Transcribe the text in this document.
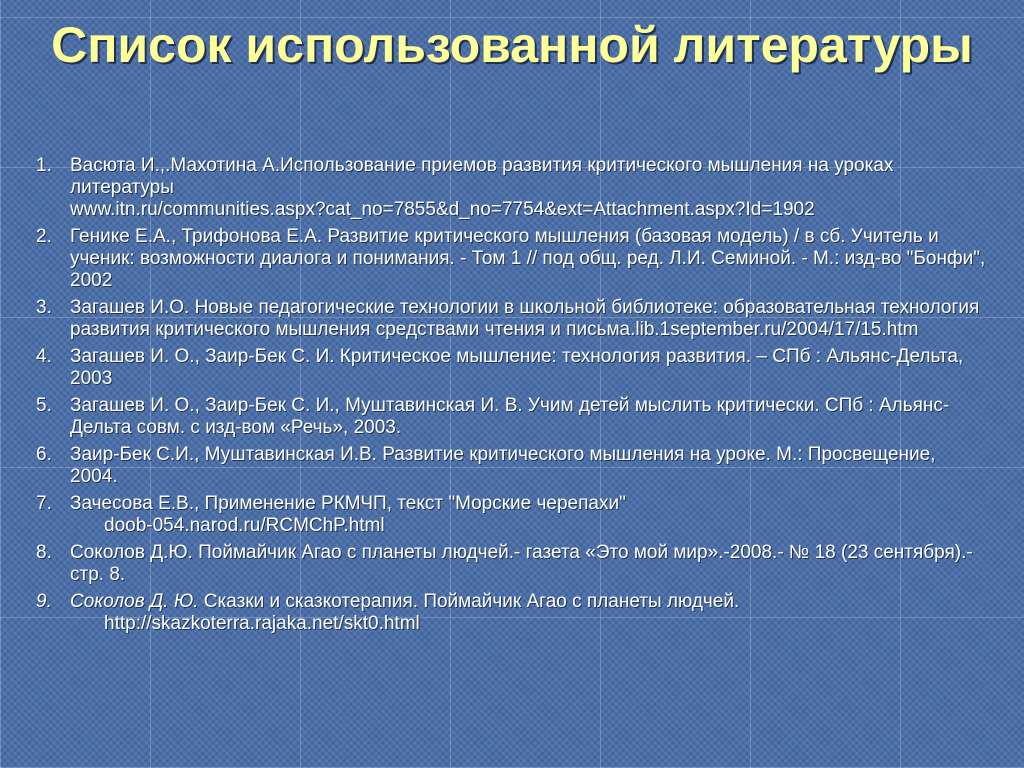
Список использованной литературы
1. Васюта И.,.Махотина А.Использование приемов развития критического мышления на уроках литературы
www.itn.ru/communities.aspx?cat_no=7855&d_no=7754&ext=Attachment.aspx?Id=1902
2. Генике Е.А., Трифонова Е.А. Развитие критического мышления (базовая модель) / в сб. Учитель и ученик: возможности диалога и понимания. - Том 1 // под общ. ред. Л.И. Семиной. - М.: изд-во "Бонфи", 2002
3. Загашев И.О. Новые педагогические технологии в школьной библиотеке: образовательная технология развития критического мышления средствами чтения и письма.lib.1september.ru/2004/17/15.htm
4. Загашев И. О., Заир-Бек С. И. Критическое мышление: технология развития. – СПб : Альянс-Дельта, 2003
5. Загашев И. О., Заир-Бек С. И., Муштавинская И. В. Учим детей мыслить критически. СПб : Альянс-Дельта совм. с изд-вом «Речь», 2003.
6. Заир-Бек С.И., Муштавинская И.В. Развитие критического мышления на уроке. М.: Просвещение, 2004.
7. Зачесова Е.В., Применение РКМЧП, текст "Морские черепахи"
doob-054.narod.ru/RCMChP.html
8. Соколов Д.Ю. Поймайчик Агао с планеты людчей.- газета «Это мой мир».-2008.- № 18 (23 сентября).- стр. 8.
9. Соколов Д. Ю. Сказки и сказкотерапия. Поймайчик Агао с планеты людчей.
http://skazkoterra.rajaka.net/skt0.html
